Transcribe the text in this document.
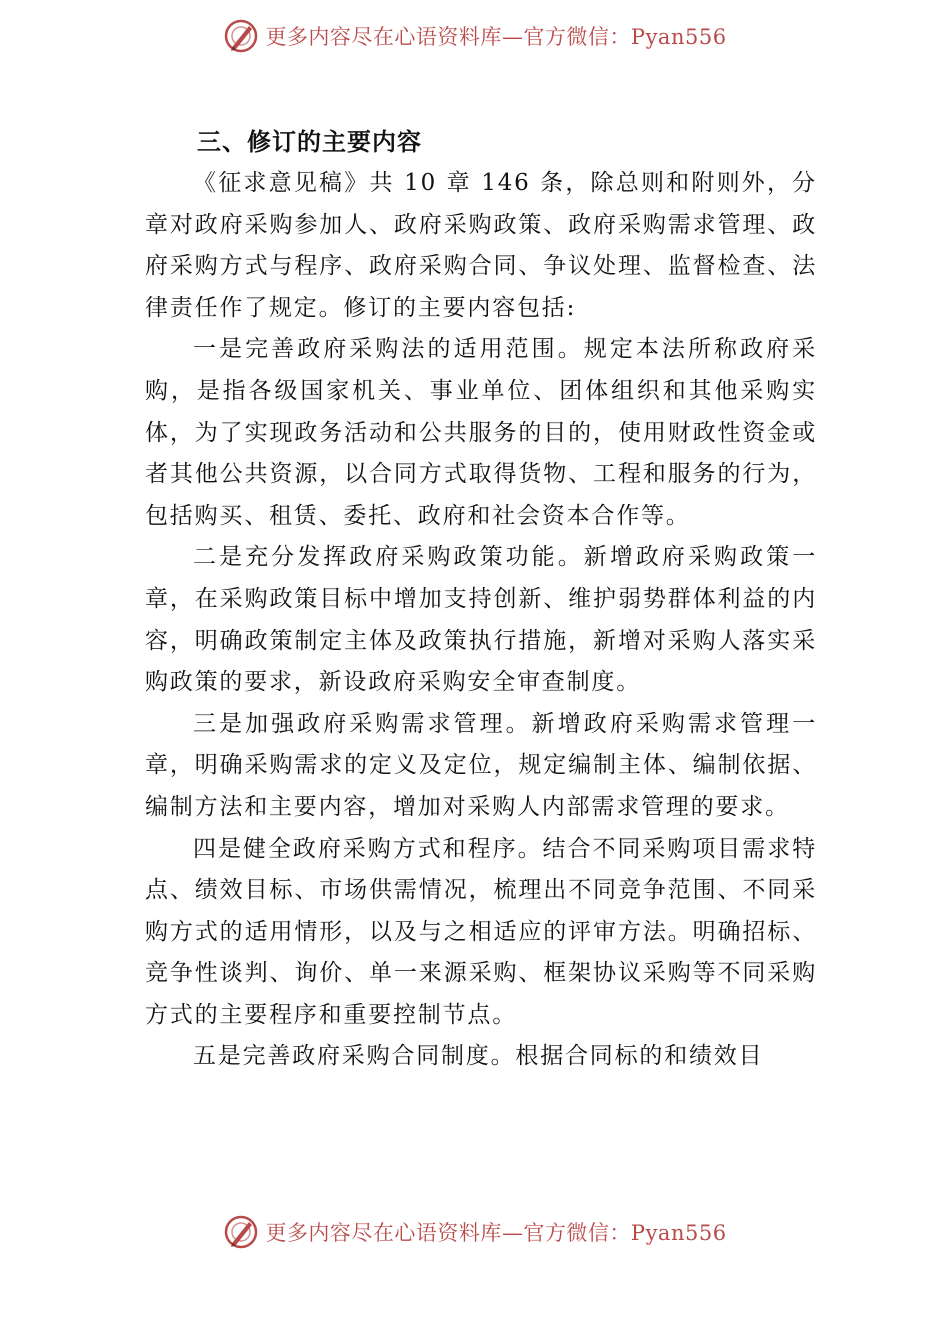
更多内容尽在心语资料库—官方微信：Pyan556
三、修订的主要内容

《征求意见稿》共 10 章 146 条，除总则和附则外，分章对政府采购参加人、政府采购政策、政府采购需求管理、政府采购方式与程序、政府采购合同、争议处理、监督检查、法律责任作了规定。修订的主要内容包括:

一是完善政府采购法的适用范围。规定本法所称政府采购，是指各级国家机关、事业单位、团体组织和其他采购实体，为了实现政务活动和公共服务的目的，使用财政性资金或者其他公共资源，以合同方式取得货物、工程和服务的行为，包括购买、租赁、委托、政府和社会资本合作等。

二是充分发挥政府采购政策功能。新增政府采购政策一章，在采购政策目标中增加支持创新、维护弱势群体利益的内容，明确政策制定主体及政策执行措施，新增对采购人落实采购政策的要求，新设政府采购安全审查制度。

三是加强政府采购需求管理。新增政府采购需求管理一章，明确采购需求的定义及定位，规定编制主体、编制依据、编制方法和主要内容，增加对采购人内部需求管理的要求。

四是健全政府采购方式和程序。结合不同采购项目需求特点、绩效目标、市场供需情况，梳理出不同竞争范围、不同采购方式的适用情形，以及与之相适应的评审方法。明确招标、竞争性谈判、询价、单一来源采购、框架协议采购等不同采购方式的主要程序和重要控制节点。

五是完善政府采购合同制度。根据合同标的和绩效目

更多内容尽在心语资料库—官方微信：Pyan556
